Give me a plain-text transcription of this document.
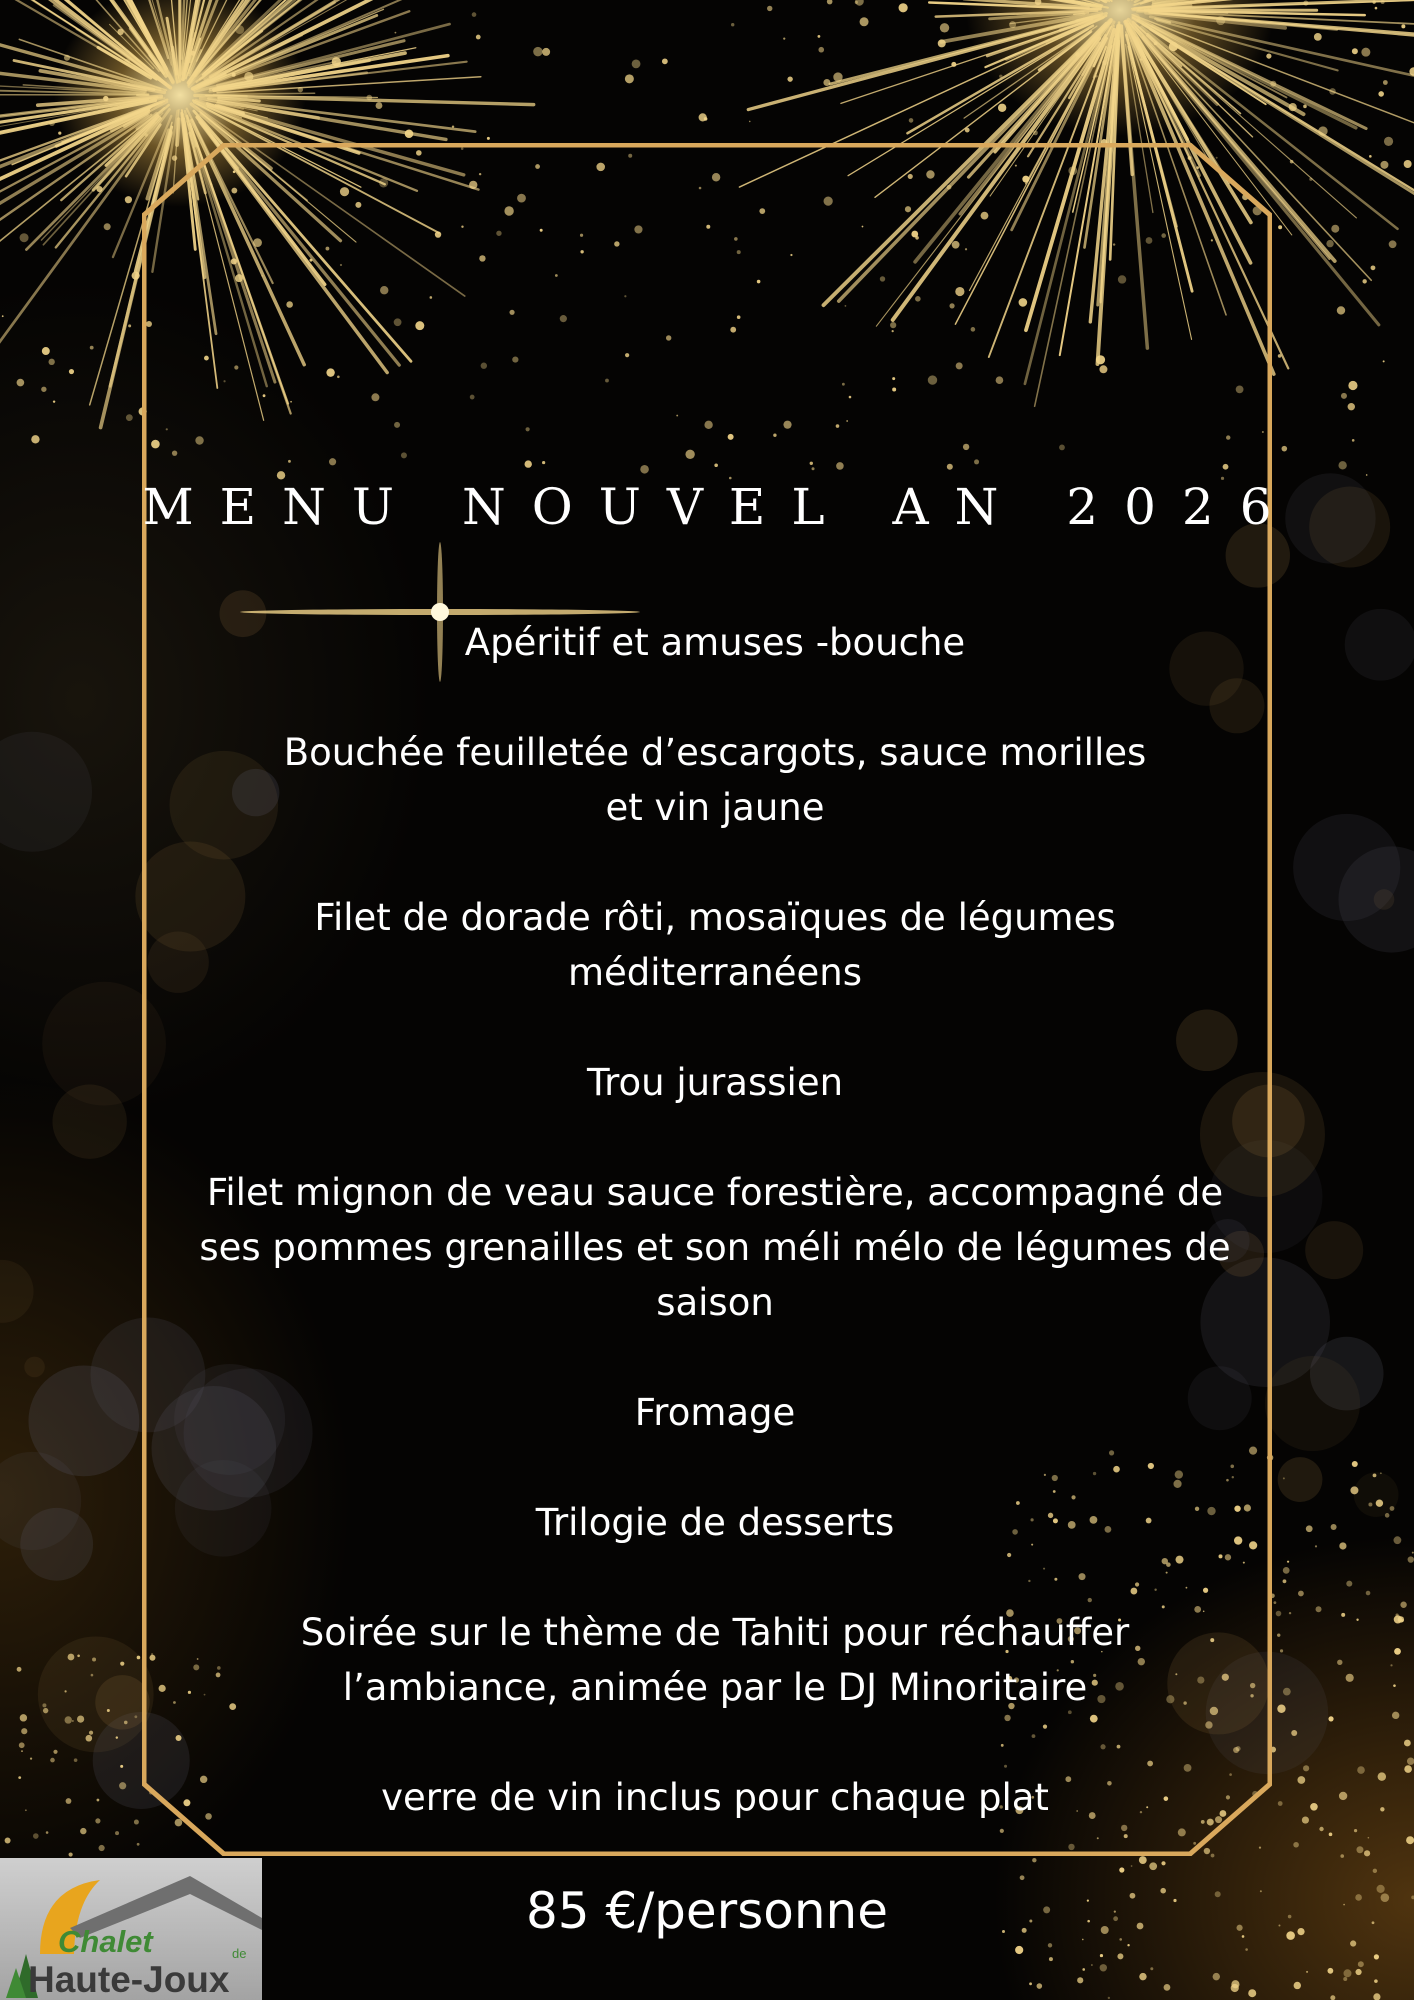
MENU NOUVEL AN 2026
Apéritif et amuses -bouche
Bouchée feuilletée d’escargots, sauce morilles
et vin jaune
Filet de dorade rôti, mosaïques de légumes
méditerranéens
Trou jurassien
Filet mignon de veau sauce forestière, accompagné de
ses pommes grenailles et son méli mélo de légumes de
saison
Fromage
Trilogie de desserts
Soirée sur le thème de Tahiti pour réchauffer
l’ambiance, animée par le DJ Minoritaire
verre de vin inclus pour chaque plat
85 €/personne
Chalet	de
Haute-Joux
